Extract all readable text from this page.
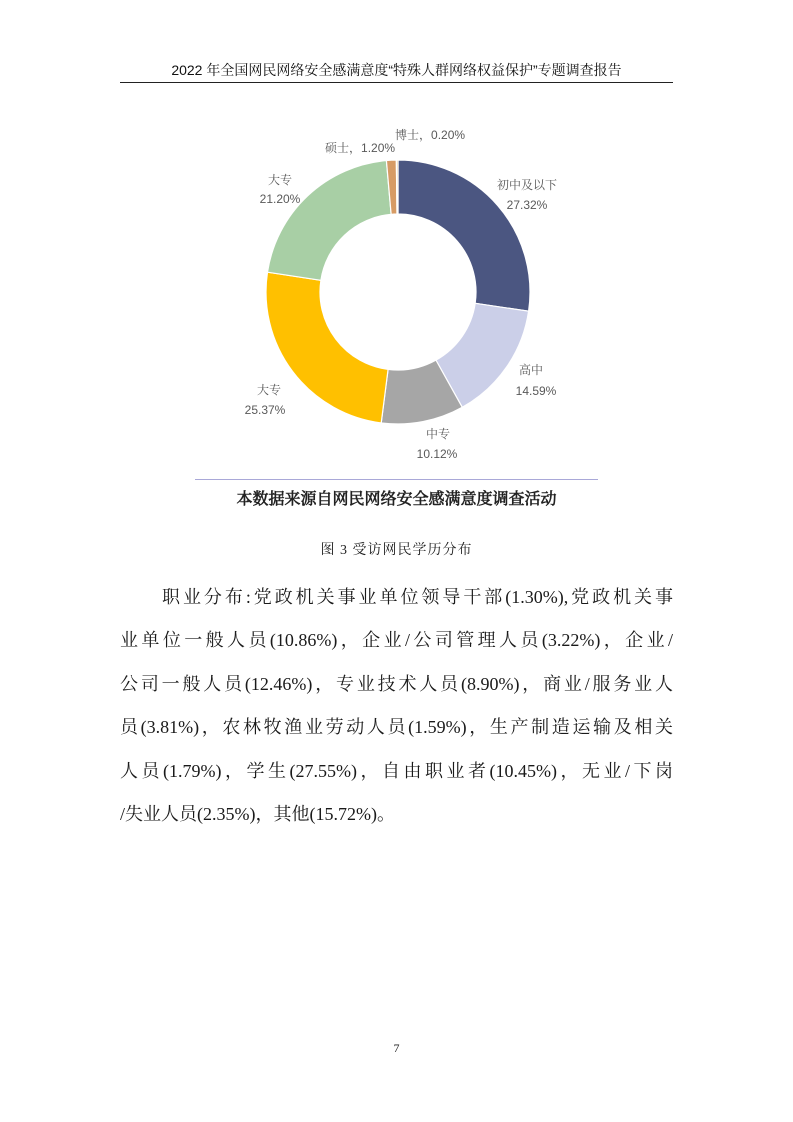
2022 年全国网民网络安全感满意度“特殊人群网络权益保护”专题调查报告
博士，0.20%
硕士，1.20%
大专
21.20%
初中及以下
27.32%
高中
14.59%
大专
25.37%
中专
10.12%
本数据来源自网民网络安全感满意度调查活动
图 3 受访网民学历分布
职业分布:党政机关事业单位领导干部(1.30%),党政机关事
业单位一般人员(10.86%)，企业/公司管理人员(3.22%)，企业/
公司一般人员(12.46%)，专业技术人员(8.90%)，商业/服务业人
员(3.81%)，农林牧渔业劳动人员(1.59%)，生产制造运输及相关
人员(1.79%)，学生(27.55%)，自由职业者(10.45%)，无业/下岗
/失业人员(2.35%)，其他(15.72%)。
7
